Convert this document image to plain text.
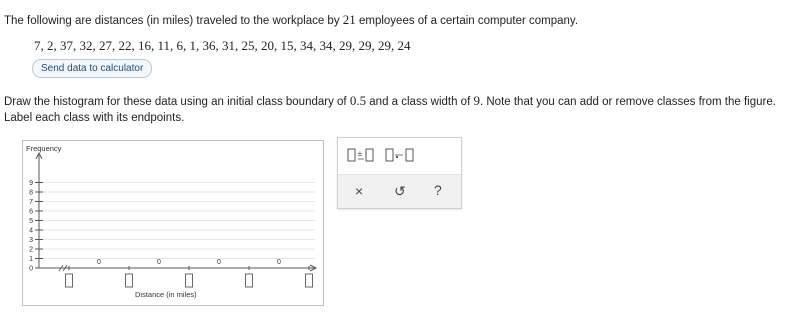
The following are distances (in miles) traveled to the workplace by 21 employees of a certain computer company.
7, 2, 37, 32, 27, 22, 16, 11, 6, 1, 36, 31, 25, 20, 15, 34, 34, 29, 29, 29, 24
Send data to calculator
Draw the histogram for these data using an initial class boundary of 0.5 and a class width of 9. Note that you can add or remove classes from the figure. Label each class with its endpoints.
Frequency
Distance (in miles)
0
1
2
3
4
5
6
7
8
9
0	0	0	0
±
× ↺ ?
